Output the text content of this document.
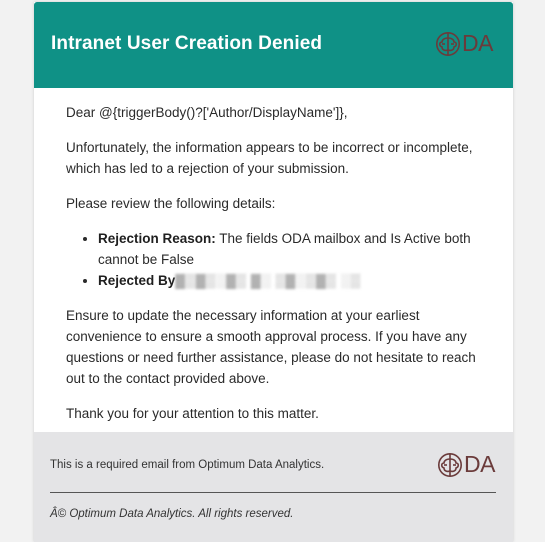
Intranet User Creation Denied	DA

Dear @{triggerBody()?['Author/DisplayName']},

Unfortunately, the information appears to be incorrect or incomplete, which has led to a rejection of your submission.

Please review the following details:

• Rejection Reason: The fields ODA mailbox and Is Active both cannot be False
• Rejected By▓▒▓▒░▓▒ ▓░ ▒▓░▒▓▒ ░▒

Ensure to update the necessary information at your earliest convenience to ensure a smooth approval process. If you have any questions or need further assistance, please do not hesitate to reach out to the contact provided above.

Thank you for your attention to this matter.

This is a required email from Optimum Data Analytics.	DA
Â© Optimum Data Analytics. All rights reserved.
